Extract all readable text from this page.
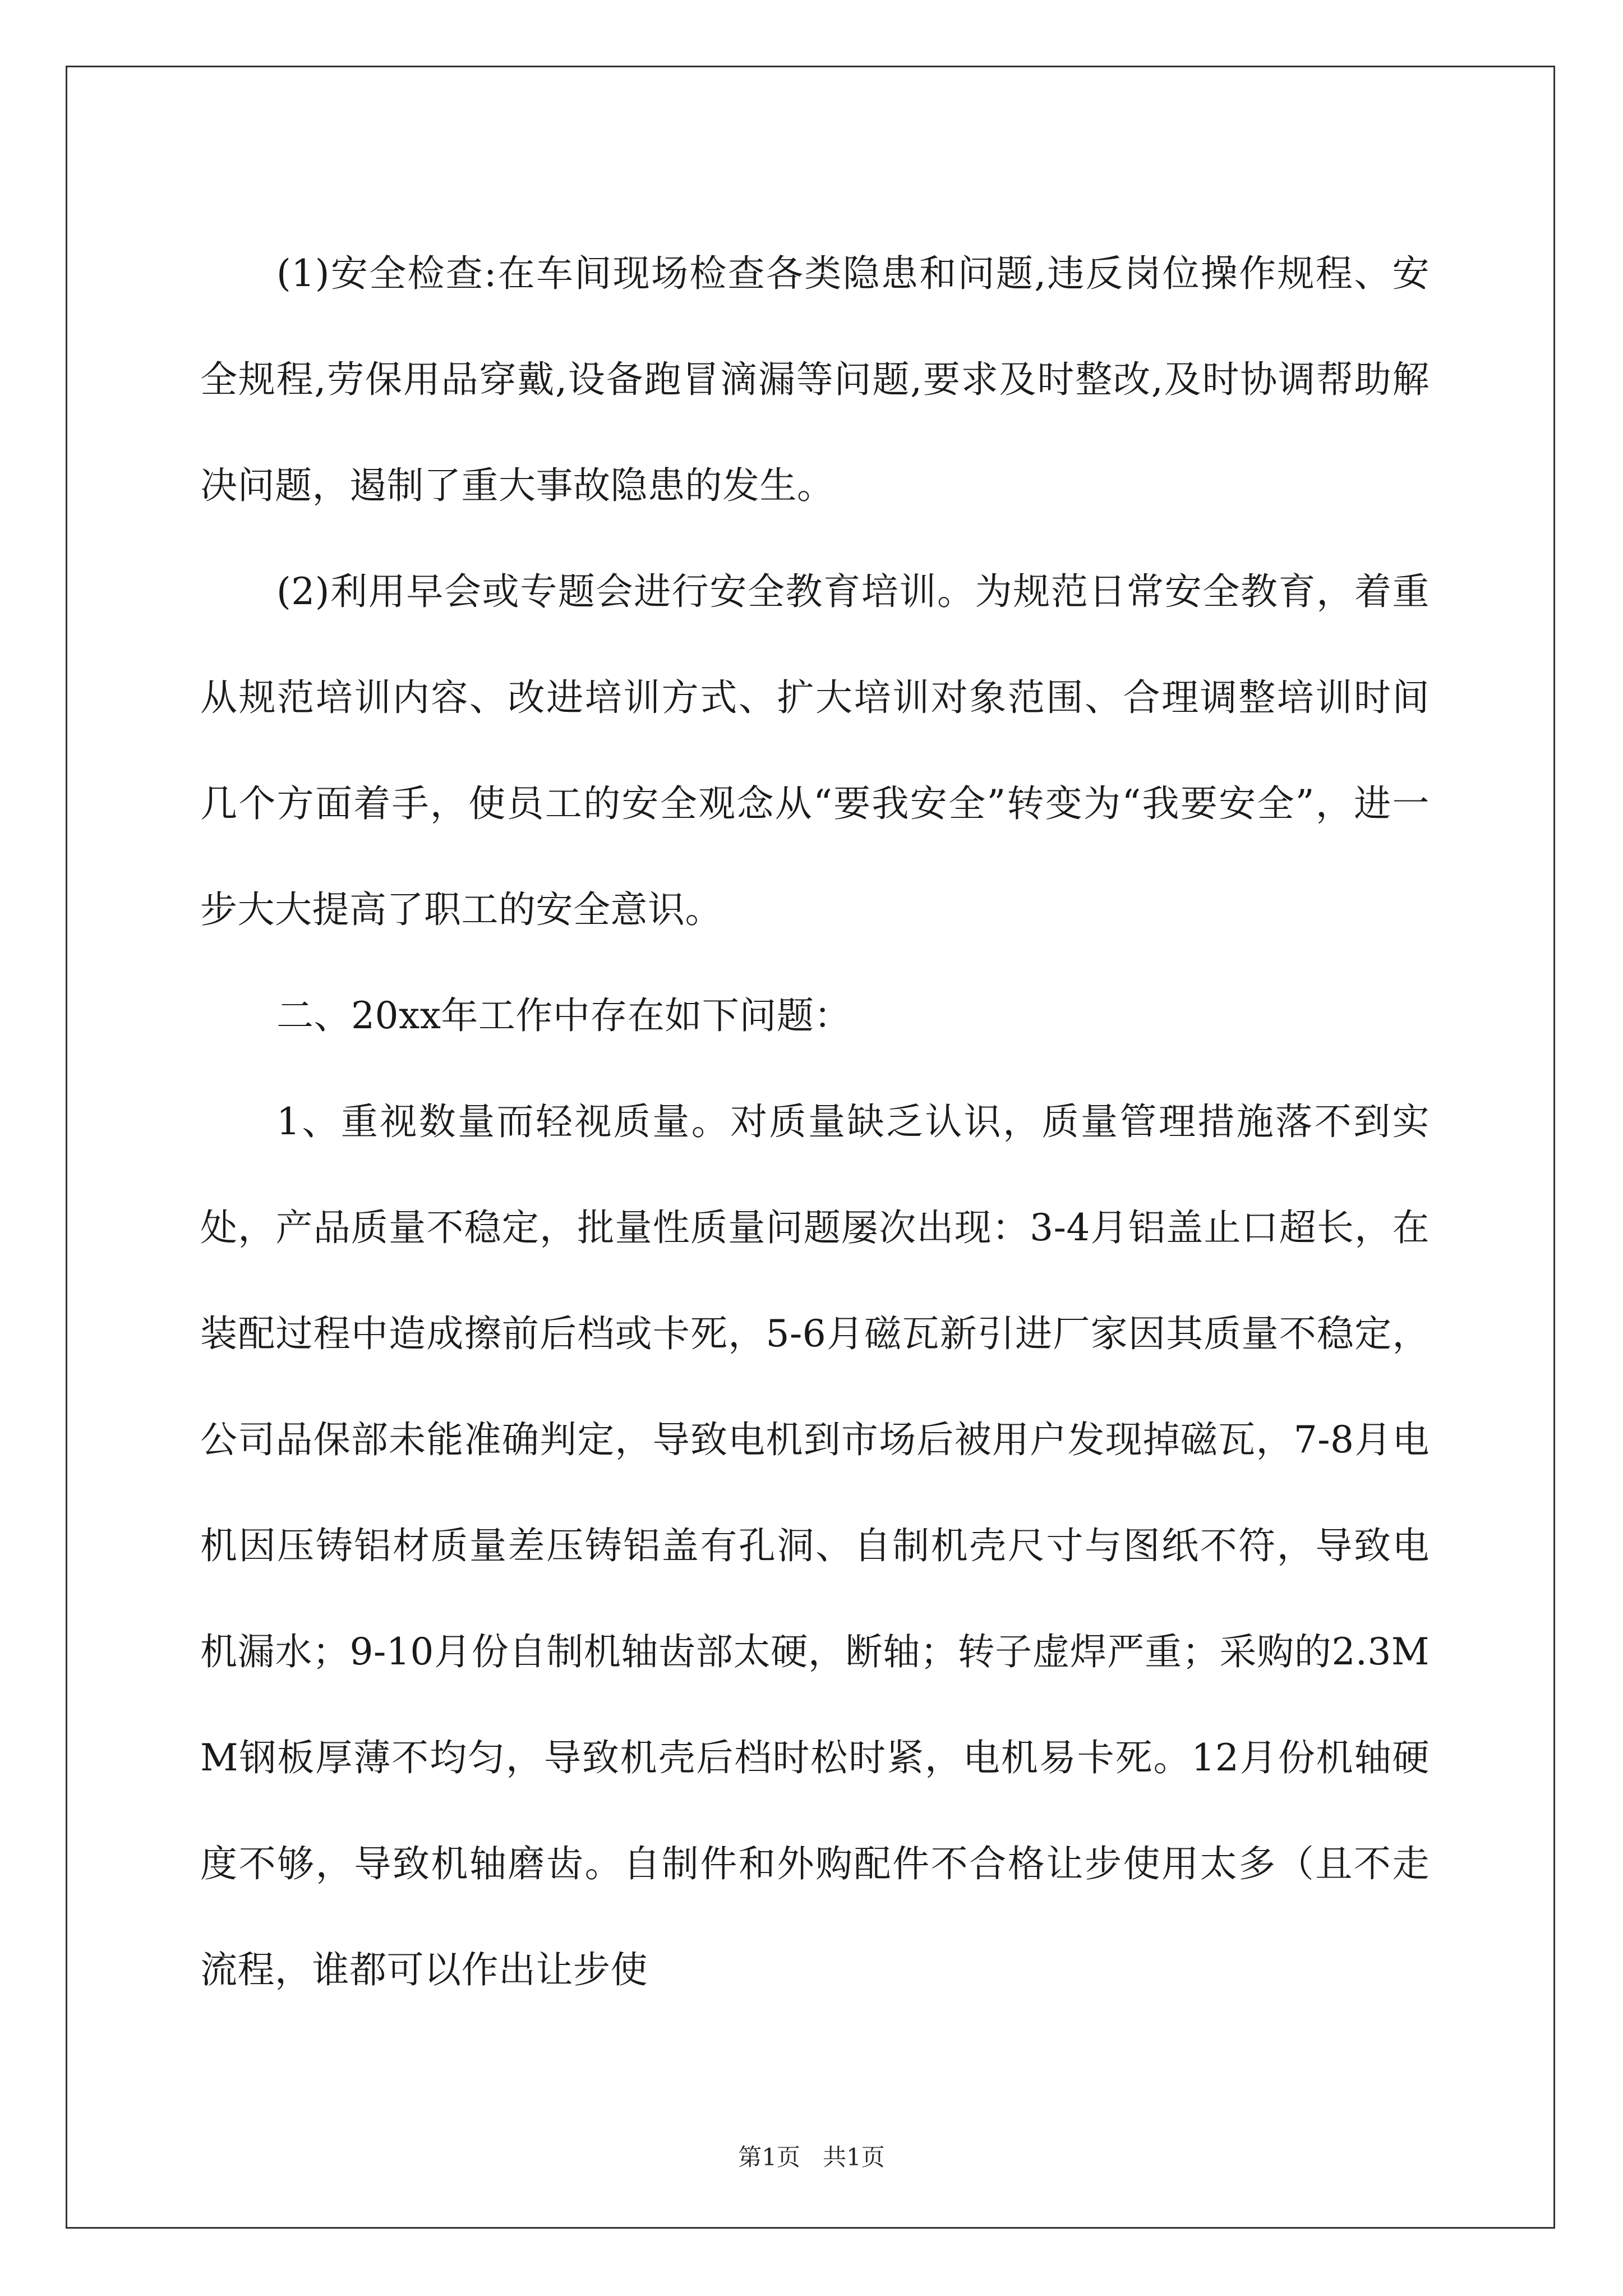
(1)安全检查:在车间现场检查各类隐患和问题,违反岗位操作规程、安全规程,劳保用品穿戴,设备跑冒滴漏等问题,要求及时整改,及时协调帮助解决问题，遏制了重大事故隐患的发生。

(2)利用早会或专题会进行安全教育培训。为规范日常安全教育，着重从规范培训内容、改进培训方式、扩大培训对象范围、合理调整培训时间几个方面着手，使员工的安全观念从“要我安全”转变为“我要安全”，进一步大大提高了职工的安全意识。

二、20xx年工作中存在如下问题：

1、重视数量而轻视质量。对质量缺乏认识，质量管理措施落不到实处，产品质量不稳定，批量性质量问题屡次出现：3-4月铝盖止口超长，在装配过程中造成擦前后档或卡死，5-6月磁瓦新引进厂家因其质量不稳定，公司品保部未能准确判定，导致电机到市场后被用户发现掉磁瓦，7-8月电机因压铸铝材质量差压铸铝盖有孔洞、自制机壳尺寸与图纸不符，导致电机漏水；9-10月份自制机轴齿部太硬，断轴；转子虚焊严重；采购的2.3MM钢板厚薄不均匀，导致机壳后档时松时紧，电机易卡死。12月份机轴硬度不够，导致机轴磨齿。自制件和外购配件不合格让步使用太多（且不走流程，谁都可以作出让步使

第1页 共1页
